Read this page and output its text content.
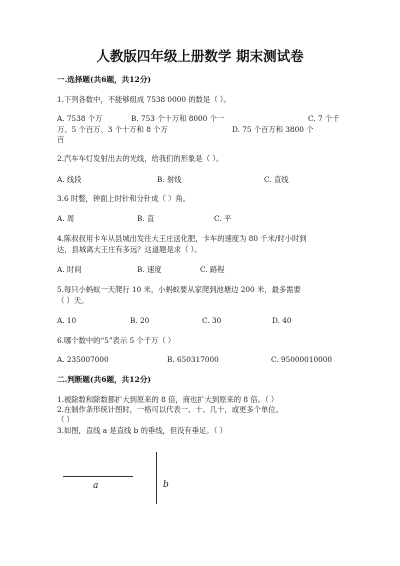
人教版四年级上册数学 期末测试卷
一.选择题(共6题，共12分)
1.下列各数中，不能够组成 7538 0000 的数是（ ）。
A. 7538 个万	B. 753 个十万和 8000 个一	C. 7 个千
万、5 个百万、3 个十万和 8 个万	D. 75 个百万和 3800 个
百
2.汽车车灯发射出去的光线，给我们的形象是（ ）。
A. 线段	B. 射线	C. 直线
3.6 时整，钟面上时针和分针成（ ）角。
A. 周	B. 直	C. 平
4.陈叔叔用卡车从县城出发往大王庄送化肥，卡车的速度为 80 千米/时小时到
达，县城离大王庄有多远？这道题是求（ ）。
A. 时间	B. 速度	C. 路程
5.每只小蚂蚁一天爬行 10 米，小蚂蚁要从家爬到池塘边 200 米，最多需要
（ ）天。
A. 10	B. 20	C. 30	D. 40
6.哪个数中的“5”表示 5 个千万（ ）
A. 235007000	B. 650317000	C. 95000010000
二.判断题(共6题，共12分)
1.被除数和除数都扩大到原来的 8 倍，商也扩大到原来的 8 倍。（ ）
2.在制作条形统计图时，一格可以代表一、十、几十，或更多个单位。
（ ）
3.如图，直线 a 是直线 b 的垂线，但没有垂足。（ ）
a	b
